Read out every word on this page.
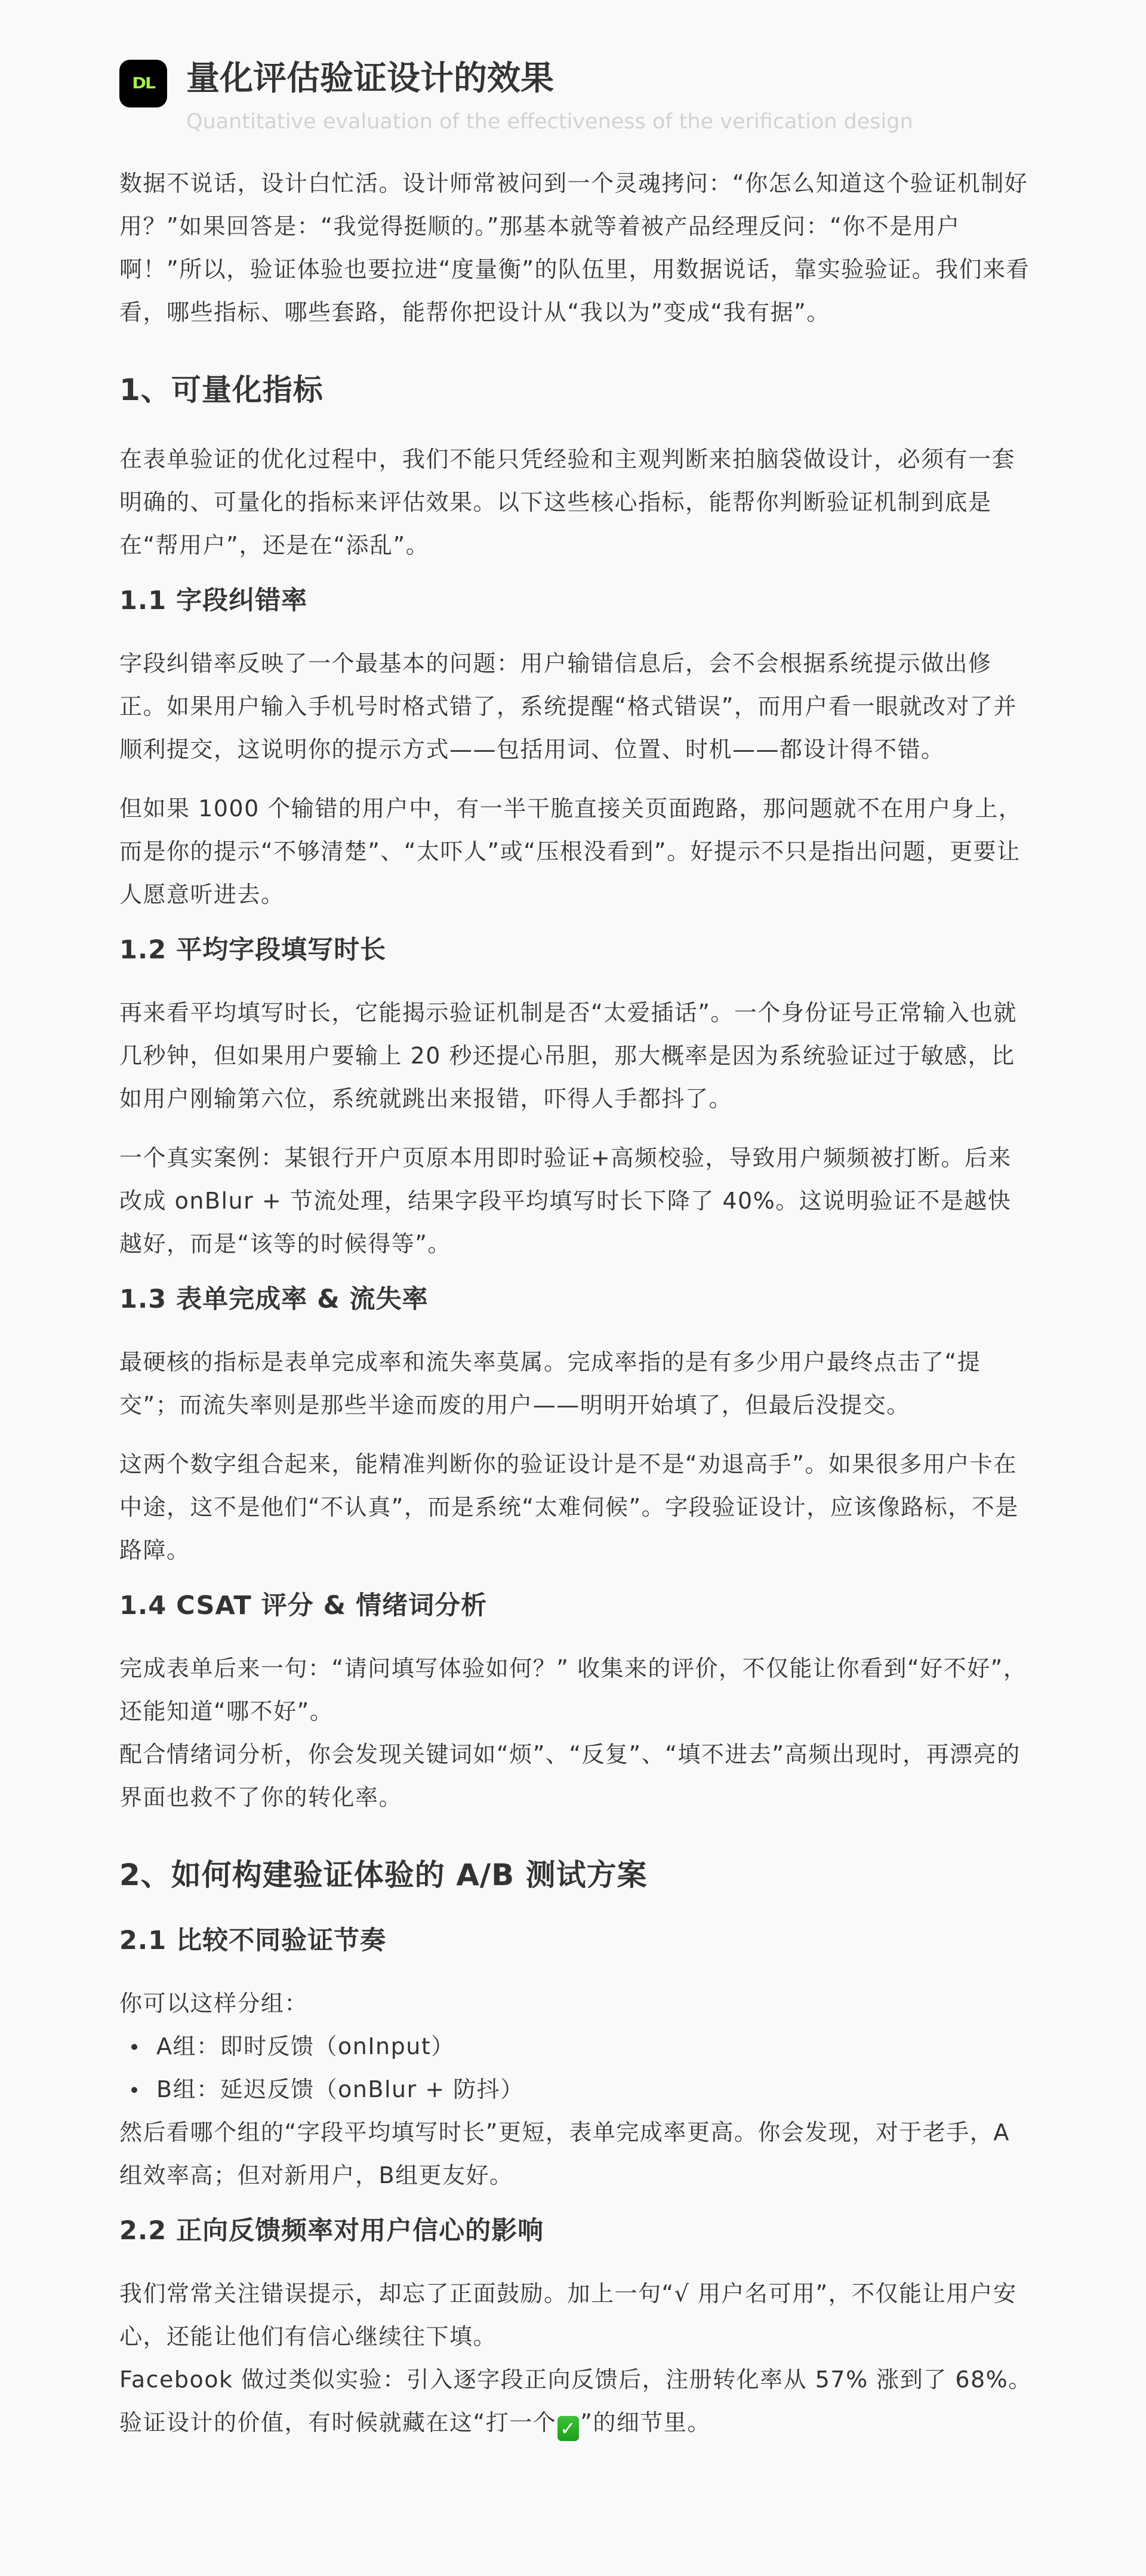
DL 量化评估验证设计的效果
Quantitative evaluation of the effectiveness of the verification design

数据不说话，设计白忙活。设计师常被问到一个灵魂拷问：“你怎么知道这个验证机制好用？”如果回答是：“我觉得挺顺的。”那基本就等着被产品经理反问：“你不是用户啊！”所以，验证体验也要拉进“度量衡”的队伍里，用数据说话，靠实验验证。我们来看看，哪些指标、哪些套路，能帮你把设计从“我以为”变成“我有据”。

1、可量化指标

在表单验证的优化过程中，我们不能只凭经验和主观判断来拍脑袋做设计，必须有一套明确的、可量化的指标来评估效果。以下这些核心指标，能帮你判断验证机制到底是在“帮用户”，还是在“添乱”。

1.1 字段纠错率

字段纠错率反映了一个最基本的问题：用户输错信息后，会不会根据系统提示做出修正。如果用户输入手机号时格式错了，系统提醒“格式错误”，而用户看一眼就改对了并顺利提交，这说明你的提示方式——包括用词、位置、时机——都设计得不错。

但如果 1000 个输错的用户中，有一半干脆直接关页面跑路，那问题就不在用户身上，而是你的提示“不够清楚”、“太吓人”或“压根没看到”。好提示不只是指出问题，更要让人愿意听进去。

1.2 平均字段填写时长

再来看平均填写时长，它能揭示验证机制是否“太爱插话”。一个身份证号正常输入也就几秒钟，但如果用户要输上 20 秒还提心吊胆，那大概率是因为系统验证过于敏感，比如用户刚输第六位，系统就跳出来报错，吓得人手都抖了。

一个真实案例：某银行开户页原本用即时验证+高频校验，导致用户频频被打断。后来改成 onBlur + 节流处理，结果字段平均填写时长下降了 40%。这说明验证不是越快越好，而是“该等的时候得等”。

1.3 表单完成率 & 流失率

最硬核的指标是表单完成率和流失率莫属。完成率指的是有多少用户最终点击了“提交”；而流失率则是那些半途而废的用户——明明开始填了，但最后没提交。

这两个数字组合起来，能精准判断你的验证设计是不是“劝退高手”。如果很多用户卡在中途，这不是他们“不认真”，而是系统“太难伺候”。字段验证设计，应该像路标，不是路障。

1.4 CSAT 评分 & 情绪词分析

完成表单后来一句：“请问填写体验如何？” 收集来的评价，不仅能让你看到“好不好”，还能知道“哪不好”。

配合情绪词分析，你会发现关键词如“烦”、“反复”、“填不进去”高频出现时，再漂亮的界面也救不了你的转化率。

2、如何构建验证体验的 A/B 测试方案
2.1 比较不同验证节奏

你可以这样分组：

A组：即时反馈（onInput）
B组：延迟反馈（onBlur + 防抖）

然后看哪个组的“字段平均填写时长”更短，表单完成率更高。你会发现，对于老手，A组效率高；但对新用户，B组更友好。

2.2 正向反馈频率对用户信心的影响

我们常常关注错误提示，却忘了正面鼓励。加上一句“√ 用户名可用”，不仅能让用户安心，还能让他们有信心继续往下填。

Facebook 做过类似实验：引入逐字段正向反馈后，注册转化率从 57% 涨到了 68%。

验证设计的价值，有时候就藏在这“打一个 ✓ ”的细节里。
